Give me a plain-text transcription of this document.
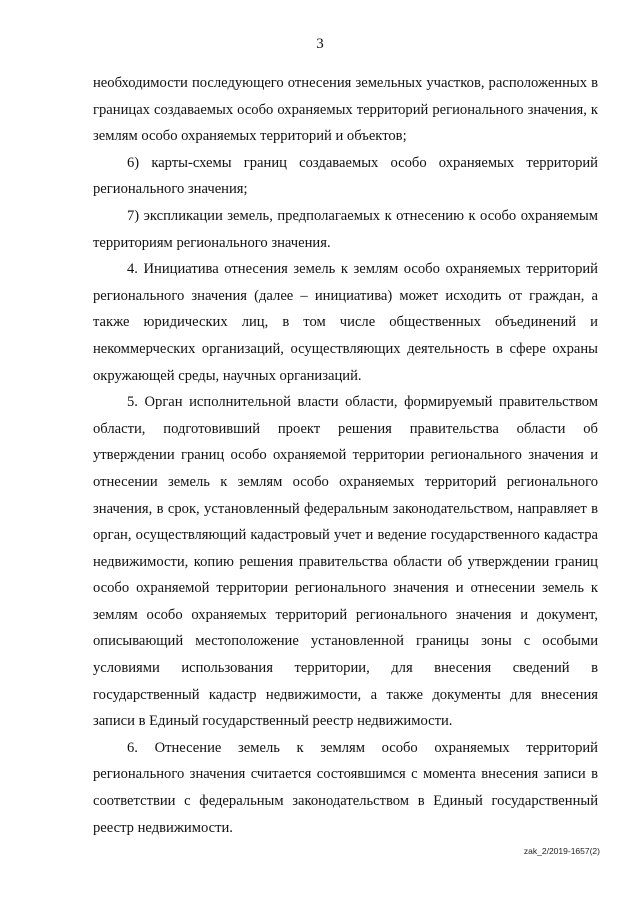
3

необходимости последующего отнесения земельных участков, расположенных в границах создаваемых особо охраняемых территорий регионального значения, к землям особо охраняемых территорий и объектов;

6) карты-схемы границ создаваемых особо охраняемых территорий регионального значения;

7) экспликации земель, предполагаемых к отнесению к особо охраняемым территориям регионального значения.

4. Инициатива отнесения земель к землям особо охраняемых территорий регионального значения (далее – инициатива) может исходить от граждан, а также юридических лиц, в том числе общественных объединений и некоммерческих организаций, осуществляющих деятельность в сфере охраны окружающей среды, научных организаций.

5. Орган исполнительной власти области, формируемый правительством области, подготовивший проект решения правительства области об утверждении границ особо охраняемой территории регионального значения и отнесении земель к землям особо охраняемых территорий регионального значения, в срок, установленный федеральным законодательством, направляет в орган, осуществляющий кадастровый учет и ведение государственного кадастра недвижимости, копию решения правительства области об утверждении границ особо охраняемой территории регионального значения и отнесении земель к землям особо охраняемых территорий регионального значения и документ, описывающий местоположение установленной границы зоны с особыми условиями использования территории, для внесения сведений в государственный кадастр недвижимости, а также документы для внесения записи в Единый государственный реестр недвижимости.

6. Отнесение земель к землям особо охраняемых территорий регионального значения считается состоявшимся с момента внесения записи в соответствии с федеральным законодательством в Единый государственный реестр недвижимости.

zak_2/2019-1657(2)
